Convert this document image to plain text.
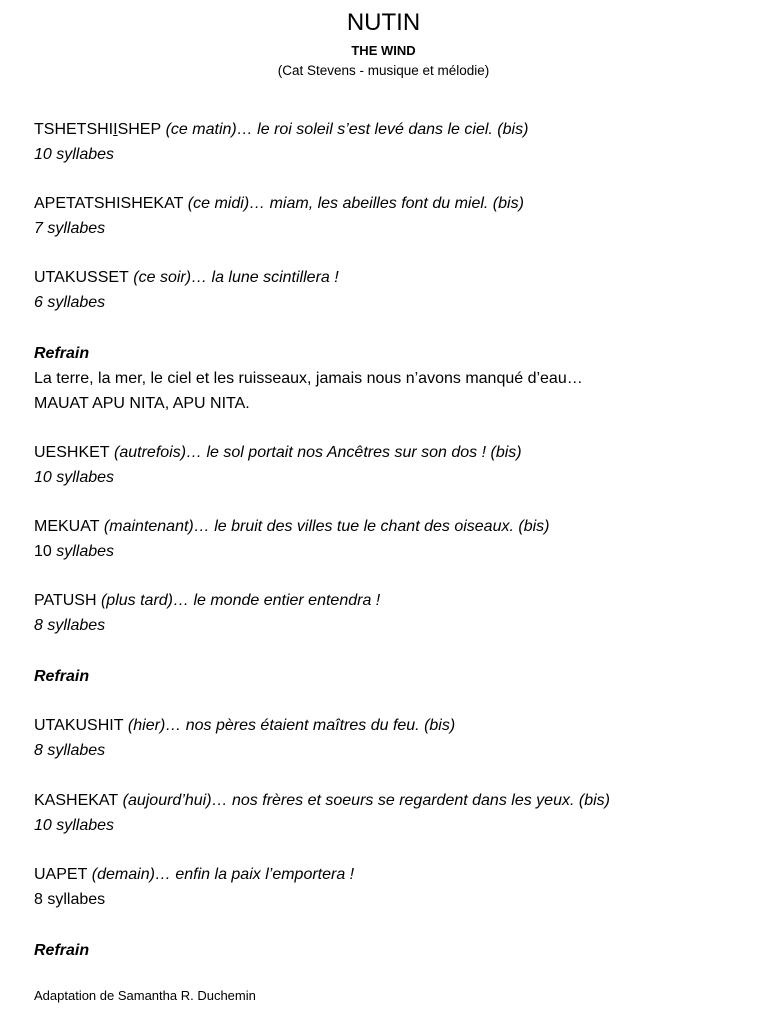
NUTIN
THE WIND
(Cat Stevens - musique et mélodie)
TSHETSHIISHEP (ce matin)… le roi soleil s’est levé dans le ciel. (bis)
10 syllabes
APETATSHISHEKAT (ce midi)… miam, les abeilles font du miel. (bis)
7 syllabes
UTAKUSSET (ce soir)… la lune scintillera !
6 syllabes
Refrain
La terre, la mer, le ciel et les ruisseaux, jamais nous n’avons manqué d’eau…
MAUAT APU NITA, APU NITA.
UESHKET (autrefois)… le sol portait nos Ancêtres sur son dos ! (bis)
10 syllabes
MEKUAT (maintenant)… le bruit des villes tue le chant des oiseaux. (bis)
10 syllabes
PATUSH (plus tard)… le monde entier entendra !
8 syllabes
Refrain
UTAKUSHIT (hier)… nos pères étaient maîtres du feu. (bis)
8 syllabes
KASHEKAT (aujourd’hui)… nos frères et soeurs se regardent dans les yeux. (bis)
10 syllabes
UAPET (demain)… enfin la paix l’emportera !
8 syllabes
Refrain
Adaptation de Samantha R. Duchemin
